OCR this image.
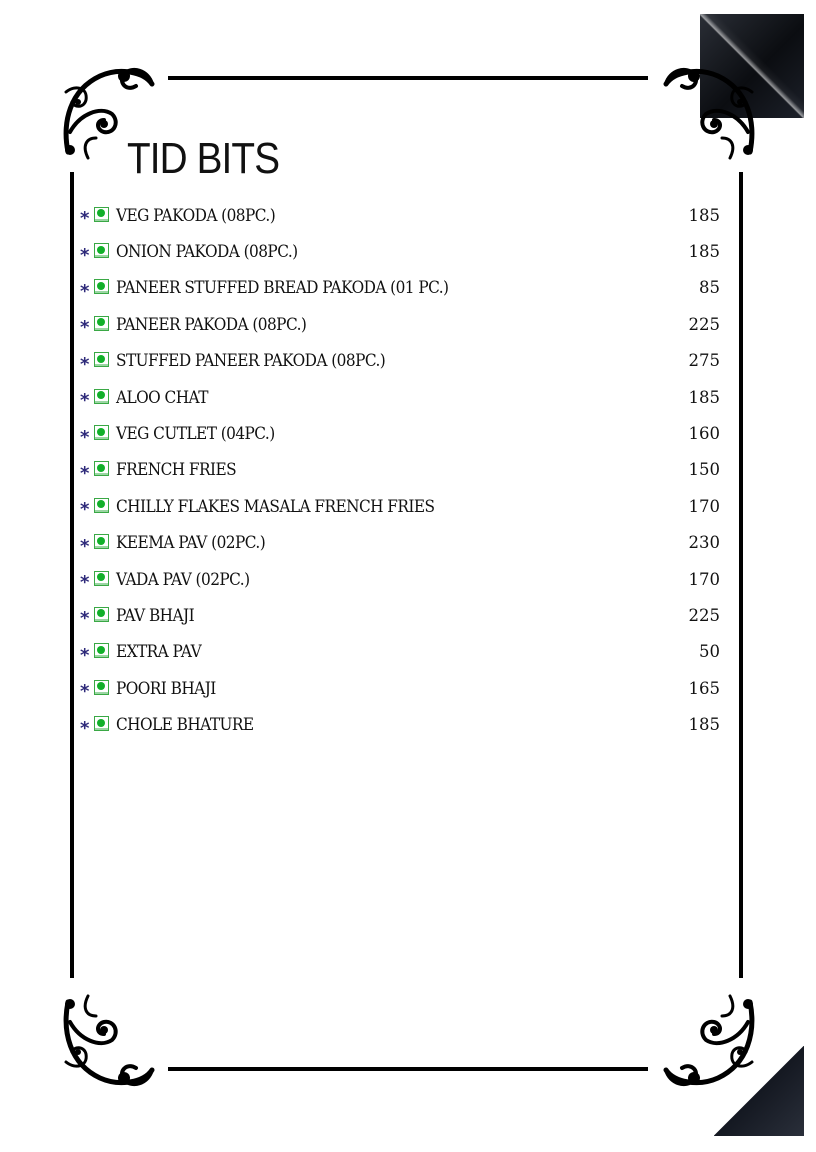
TID BITS
* VEG PAKODA (08PC.)	185
* ONION PAKODA (08PC.)	185
* PANEER STUFFED BREAD PAKODA (01 PC.)	85
* PANEER PAKODA (08PC.)	225
* STUFFED PANEER PAKODA (08PC.)	275
* ALOO CHAT	185
* VEG CUTLET (04PC.)	160
* FRENCH FRIES	150
* CHILLY FLAKES MASALA FRENCH FRIES	170
* KEEMA PAV (02PC.)	230
* VADA PAV (02PC.)	170
* PAV BHAJI	225
* EXTRA PAV	50
* POORI BHAJI	165
* CHOLE BHATURE	185
